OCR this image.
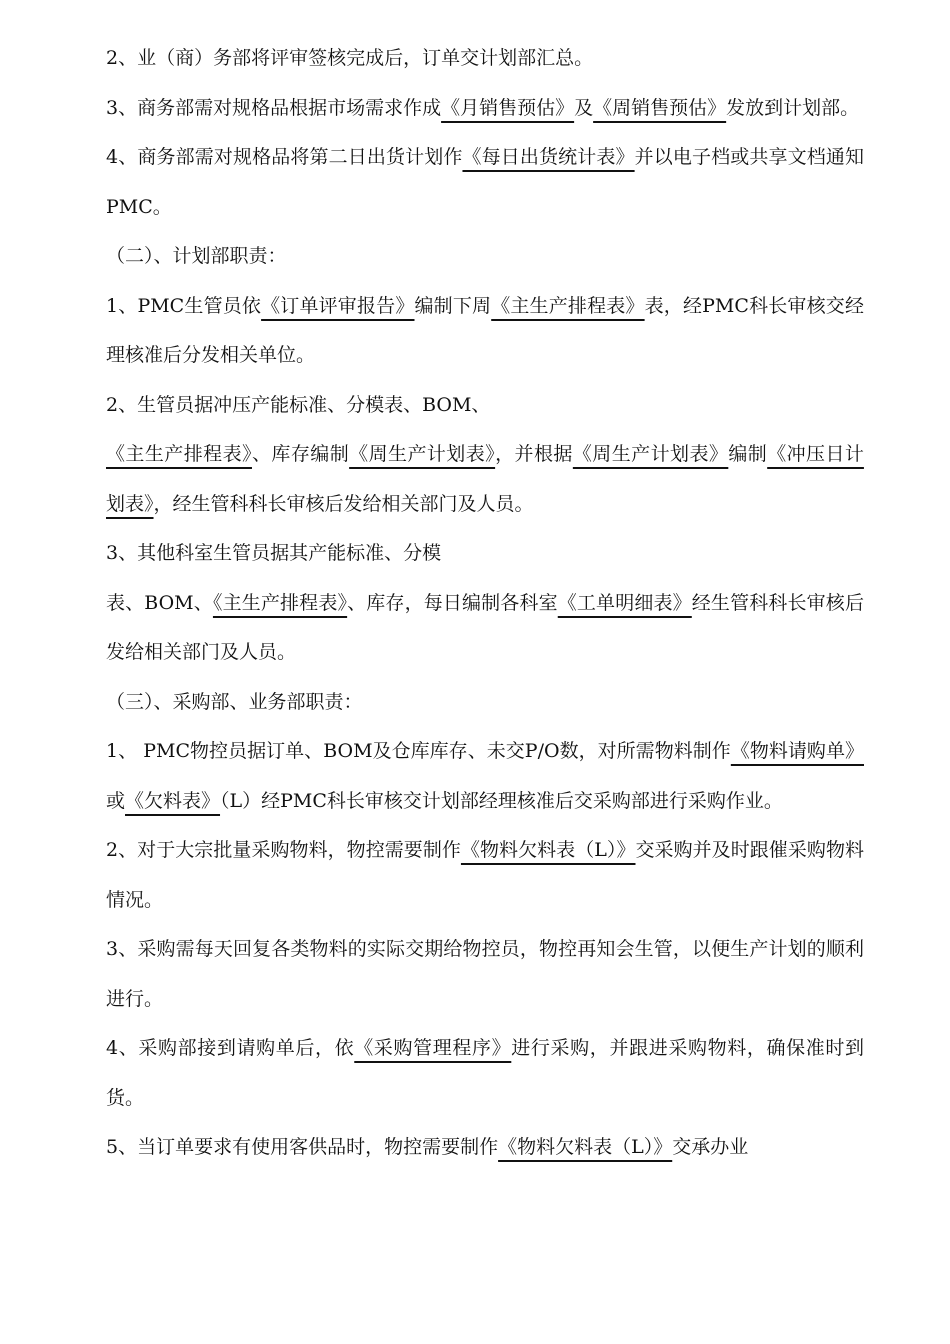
2、业（商）务部将评审签核完成后，订单交计划部汇总。

3、商务部需对规格品根据市场需求作成《月销售预估》及《周销售预估》发放到计划部。

4、商务部需对规格品将第二日出货计划作《每日出货统计表》并以电子档或共享文档通知PMC。

（二）、计划部职责：

1、PMC生管员依《订单评审报告》编制下周《主生产排程表》表，经PMC科长审核交经理核准后分发相关单位。

2、生管员据冲压产能标准、分模表、BOM、

《主生产排程表》、库存编制《周生产计划表》，并根据《周生产计划表》编制《冲压日计划表》，经生管科科长审核后发给相关部门及人员。

3、其他科室生管员据其产能标准、分模

表、BOM、《主生产排程表》、库存，每日编制各科室《工单明细表》经生管科科长审核后发给相关部门及人员。

（三）、采购部、业务部职责：

1、 PMC物控员据订单、BOM及仓库库存、未交P/O数，对所需物料制作《物料请购单》或《欠料表》（L）经PMC科长审核交计划部经理核准后交采购部进行采购作业。

2、对于大宗批量采购物料，物控需要制作《物料欠料表（L）》交采购并及时跟催采购物料情况。

3、采购需每天回复各类物料的实际交期给物控员，物控再知会生管，以便生产计划的顺利进行。

4、采购部接到请购单后，依《采购管理程序》进行采购，并跟进采购物料，确保准时到货。

5、当订单要求有使用客供品时，物控需要制作《物料欠料表（L）》交承办业
